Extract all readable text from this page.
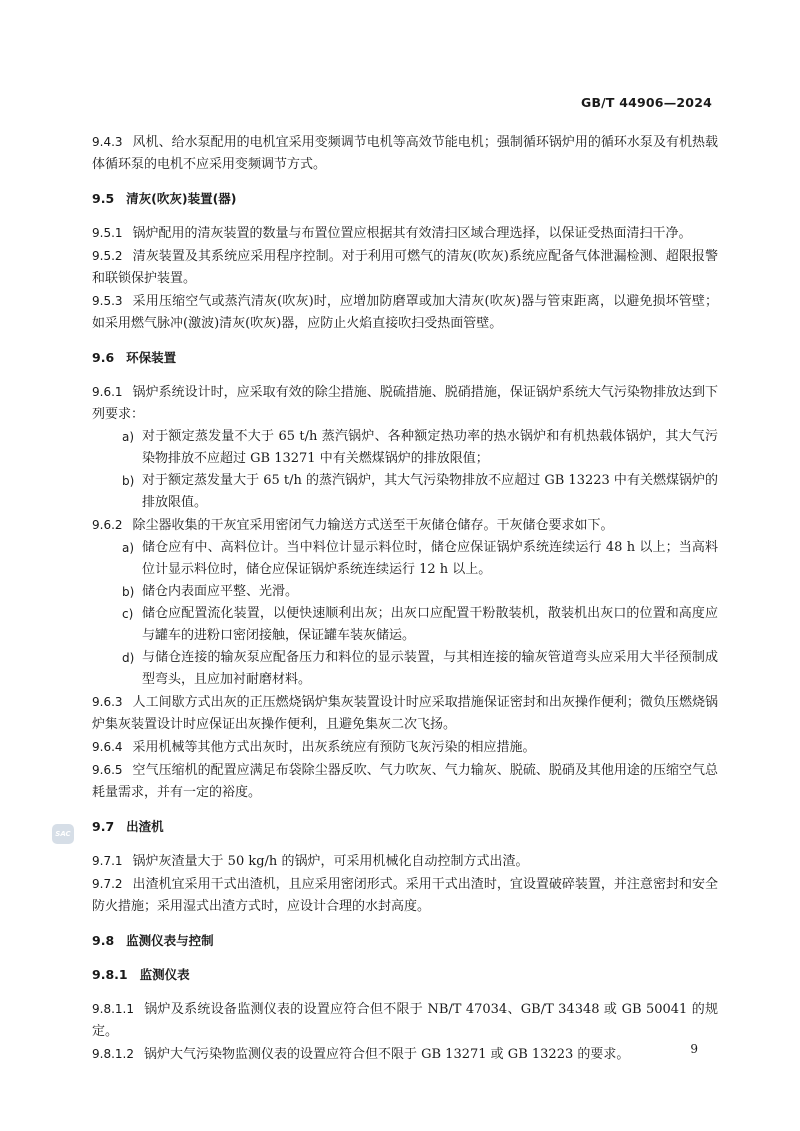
GB/T 44906—2024
SAC

9.4.3 风机、给水泵配用的电机宜采用变频调节电机等高效节能电机；强制循环锅炉用的循环水泵及有机热载体循环泵的电机不应采用变频调节方式。

9.5 清灰(吹灰)装置(器)

9.5.1 锅炉配用的清灰装置的数量与布置位置应根据其有效清扫区域合理选择，以保证受热面清扫干净。

9.5.2 清灰装置及其系统应采用程序控制。对于利用可燃气的清灰(吹灰)系统应配备气体泄漏检测、超限报警和联锁保护装置。

9.5.3 采用压缩空气或蒸汽清灰(吹灰)时，应增加防磨罩或加大清灰(吹灰)器与管束距离，以避免损坏管壁；如采用燃气脉冲(激波)清灰(吹灰)器，应防止火焰直接吹扫受热面管壁。

9.6 环保装置

9.6.1 锅炉系统设计时，应采取有效的除尘措施、脱硫措施、脱硝措施，保证锅炉系统大气污染物排放达到下列要求：

a) 对于额定蒸发量不大于 65 t/h 蒸汽锅炉、各种额定热功率的热水锅炉和有机热载体锅炉，其大气污染物排放不应超过 GB 13271 中有关燃煤锅炉的排放限值；

b) 对于额定蒸发量大于 65 t/h 的蒸汽锅炉，其大气污染物排放不应超过 GB 13223 中有关燃煤锅炉的排放限值。

9.6.2 除尘器收集的干灰宜采用密闭气力输送方式送至干灰储仓储存。干灰储仓要求如下。

a) 储仓应有中、高料位计。当中料位计显示料位时，储仓应保证锅炉系统连续运行 48 h 以上；当高料位计显示料位时，储仓应保证锅炉系统连续运行 12 h 以上。

b) 储仓内表面应平整、光滑。

c) 储仓应配置流化装置，以便快速顺利出灰；出灰口应配置干粉散装机，散装机出灰口的位置和高度应与罐车的进粉口密闭接触，保证罐车装灰储运。

d) 与储仓连接的输灰泵应配备压力和料位的显示装置，与其相连接的输灰管道弯头应采用大半径预制成型弯头，且应加衬耐磨材料。

9.6.3 人工间歇方式出灰的正压燃烧锅炉集灰装置设计时应采取措施保证密封和出灰操作便利；微负压燃烧锅炉集灰装置设计时应保证出灰操作便利，且避免集灰二次飞扬。

9.6.4 采用机械等其他方式出灰时，出灰系统应有预防飞灰污染的相应措施。

9.6.5 空气压缩机的配置应满足布袋除尘器反吹、气力吹灰、气力输灰、脱硫、脱硝及其他用途的压缩空气总耗量需求，并有一定的裕度。

9.7 出渣机

9.7.1 锅炉灰渣量大于 50 kg/h 的锅炉，可采用机械化自动控制方式出渣。

9.7.2 出渣机宜采用干式出渣机，且应采用密闭形式。采用干式出渣时，宜设置破碎装置，并注意密封和安全防火措施；采用湿式出渣方式时，应设计合理的水封高度。

9.8 监测仪表与控制

9.8.1 监测仪表

9.8.1.1 锅炉及系统设备监测仪表的设置应符合但不限于 NB/T 47034、GB/T 34348 或 GB 50041 的规定。

9.8.1.2 锅炉大气污染物监测仪表的设置应符合但不限于 GB 13271 或 GB 13223 的要求。	9
